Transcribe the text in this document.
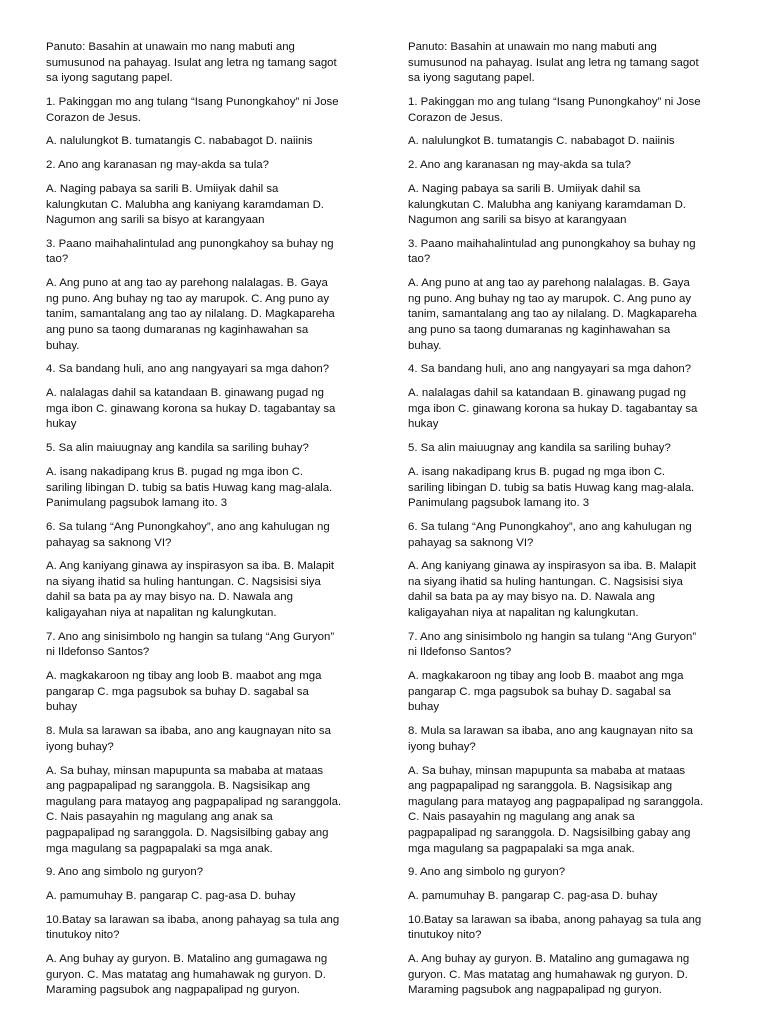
Panuto: Basahin at unawain mo nang mabuti ang sumusunod na pahayag. Isulat ang letra ng tamang sagot sa iyong sagutang papel.

1. Pakinggan mo ang tulang “Isang Punongkahoy” ni Jose Corazon de Jesus.

A. nalulungkot B. tumatangis C. nababagot D. naiinis

2. Ano ang karanasan ng may-akda sa tula?

A. Naging pabaya sa sarili B. Umiiyak dahil sa kalungkutan C. Malubha ang kaniyang karamdaman D. Nagumon ang sarili sa bisyo at karangyaan

3. Paano maihahalintulad ang punongkahoy sa buhay ng tao?

A. Ang puno at ang tao ay parehong nalalagas. B. Gaya ng puno. Ang buhay ng tao ay marupok. C. Ang puno ay tanim, samantalang ang tao ay nilalang. D. Magkapareha ang puno sa taong dumaranas ng kaginhawahan sa buhay.

4. Sa bandang huli, ano ang nangyayari sa mga dahon?

A. nalalagas dahil sa katandaan B. ginawang pugad ng mga ibon C. ginawang korona sa hukay D. tagabantay sa hukay

5. Sa alin maiuugnay ang kandila sa sariling buhay?

A. isang nakadipang krus B. pugad ng mga ibon C. sariling libingan D. tubig sa batis Huwag kang mag-alala. Panimulang pagsubok lamang ito. 3

6. Sa tulang “Ang Punongkahoy”, ano ang kahulugan ng pahayag sa saknong VI?

A. Ang kaniyang ginawa ay inspirasyon sa iba. B. Malapit na siyang ihatid sa huling hantungan. C. Nagsisisi siya dahil sa bata pa ay may bisyo na. D. Nawala ang kaligayahan niya at napalitan ng kalungkutan.

7. Ano ang sinisimbolo ng hangin sa tulang “Ang Guryon” ni Ildefonso Santos?

A. magkakaroon ng tibay ang loob B. maabot ang mga pangarap C. mga pagsubok sa buhay D. sagabal sa buhay

8. Mula sa larawan sa ibaba, ano ang kaugnayan nito sa iyong buhay?

A. Sa buhay, minsan mapupunta sa mababa at mataas ang pagpapalipad ng saranggola. B. Nagsisikap ang magulang para matayog ang pagpapalipad ng saranggola. C. Nais pasayahin ng magulang ang anak sa pagpapalipad ng saranggola. D. Nagsisilbing gabay ang mga magulang sa pagpapalaki sa mga anak.

9. Ano ang simbolo ng guryon?

A. pamumuhay B. pangarap C. pag-asa D. buhay

10.Batay sa larawan sa ibaba, anong pahayag sa tula ang tinutukoy nito?

A. Ang buhay ay guryon. B. Matalino ang gumagawa ng guryon. C. Mas matatag ang humahawak ng guryon. D. Maraming pagsubok ang nagpapalipad ng guryon.

Panuto: Basahin at unawain mo nang mabuti ang sumusunod na pahayag. Isulat ang letra ng tamang sagot sa iyong sagutang papel.

1. Pakinggan mo ang tulang “Isang Punongkahoy” ni Jose Corazon de Jesus.

A. nalulungkot B. tumatangis C. nababagot D. naiinis

2. Ano ang karanasan ng may-akda sa tula?

A. Naging pabaya sa sarili B. Umiiyak dahil sa kalungkutan C. Malubha ang kaniyang karamdaman D. Nagumon ang sarili sa bisyo at karangyaan

3. Paano maihahalintulad ang punongkahoy sa buhay ng tao?

A. Ang puno at ang tao ay parehong nalalagas. B. Gaya ng puno. Ang buhay ng tao ay marupok. C. Ang puno ay tanim, samantalang ang tao ay nilalang. D. Magkapareha ang puno sa taong dumaranas ng kaginhawahan sa buhay.

4. Sa bandang huli, ano ang nangyayari sa mga dahon?

A. nalalagas dahil sa katandaan B. ginawang pugad ng mga ibon C. ginawang korona sa hukay D. tagabantay sa hukay

5. Sa alin maiuugnay ang kandila sa sariling buhay?

A. isang nakadipang krus B. pugad ng mga ibon C. sariling libingan D. tubig sa batis Huwag kang mag-alala. Panimulang pagsubok lamang ito. 3

6. Sa tulang “Ang Punongkahoy”, ano ang kahulugan ng pahayag sa saknong VI?

A. Ang kaniyang ginawa ay inspirasyon sa iba. B. Malapit na siyang ihatid sa huling hantungan. C. Nagsisisi siya dahil sa bata pa ay may bisyo na. D. Nawala ang kaligayahan niya at napalitan ng kalungkutan.

7. Ano ang sinisimbolo ng hangin sa tulang “Ang Guryon” ni Ildefonso Santos?

A. magkakaroon ng tibay ang loob B. maabot ang mga pangarap C. mga pagsubok sa buhay D. sagabal sa buhay

8. Mula sa larawan sa ibaba, ano ang kaugnayan nito sa iyong buhay?

A. Sa buhay, minsan mapupunta sa mababa at mataas ang pagpapalipad ng saranggola. B. Nagsisikap ang magulang para matayog ang pagpapalipad ng saranggola. C. Nais pasayahin ng magulang ang anak sa pagpapalipad ng saranggola. D. Nagsisilbing gabay ang mga magulang sa pagpapalaki sa mga anak.

9. Ano ang simbolo ng guryon?

A. pamumuhay B. pangarap C. pag-asa D. buhay

10.Batay sa larawan sa ibaba, anong pahayag sa tula ang tinutukoy nito?

A. Ang buhay ay guryon. B. Matalino ang gumagawa ng guryon. C. Mas matatag ang humahawak ng guryon. D. Maraming pagsubok ang nagpapalipad ng guryon.
